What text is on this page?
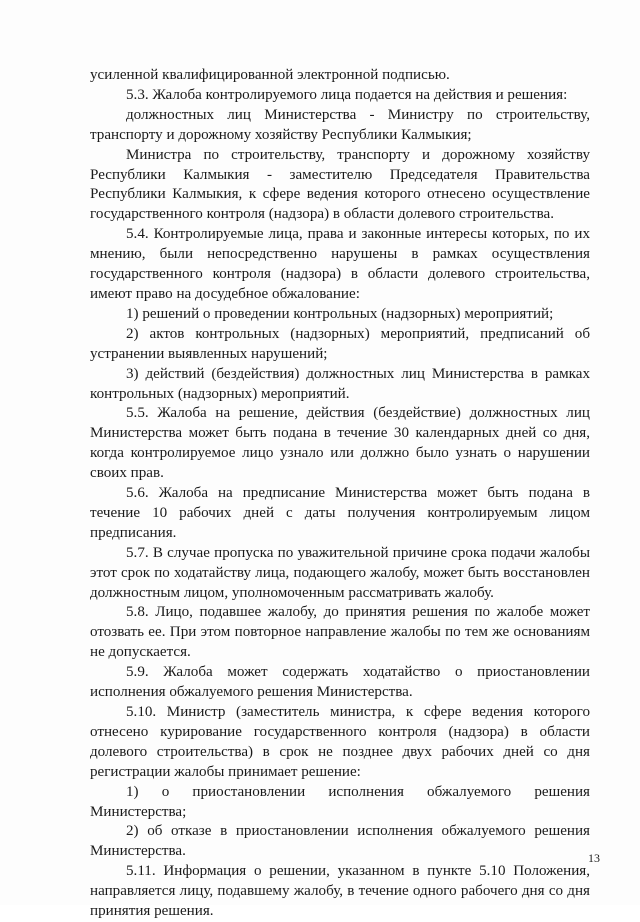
усиленной квалифицированной электронной подписью.

5.3. Жалоба контролируемого лица подается на действия и решения:

должностных лиц Министерства - Министру по строительству, транспорту и дорожному хозяйству Республики Калмыкия;

Министра по строительству, транспорту и дорожному хозяйству Республики Калмыкия - заместителю Председателя Правительства Республики Калмыкия, к сфере ведения которого отнесено осуществление государственного контроля (надзора) в области долевого строительства.

5.4. Контролируемые лица, права и законные интересы которых, по их мнению, были непосредственно нарушены в рамках осуществления государственного контроля (надзора) в области долевого строительства, имеют право на досудебное обжалование:

1) решений о проведении контрольных (надзорных) мероприятий;

2) актов контрольных (надзорных) мероприятий, предписаний об устранении выявленных нарушений;

3) действий (бездействия) должностных лиц Министерства в рамках контрольных (надзорных) мероприятий.

5.5. Жалоба на решение, действия (бездействие) должностных лиц Министерства может быть подана в течение 30 календарных дней со дня, когда контролируемое лицо узнало или должно было узнать о нарушении своих прав.

5.6. Жалоба на предписание Министерства может быть подана в течение 10 рабочих дней с даты получения контролируемым лицом предписания.

5.7. В случае пропуска по уважительной причине срока подачи жалобы этот срок по ходатайству лица, подающего жалобу, может быть восстановлен должностным лицом, уполномоченным рассматривать жалобу.

5.8. Лицо, подавшее жалобу, до принятия решения по жалобе может отозвать ее. При этом повторное направление жалобы по тем же основаниям не допускается.

5.9. Жалоба может содержать ходатайство о приостановлении исполнения обжалуемого решения Министерства.

5.10. Министр (заместитель министра, к сфере ведения которого отнесено курирование государственного контроля (надзора) в области долевого строительства) в срок не позднее двух рабочих дней со дня регистрации жалобы принимает решение:

1) о приостановлении исполнения обжалуемого решения Министерства;

2) об отказе в приостановлении исполнения обжалуемого решения Министерства.

5.11. Информация о решении, указанном в пункте 5.10 Положения, направляется лицу, подавшему жалобу, в течение одного рабочего дня со дня принятия решения.

13
